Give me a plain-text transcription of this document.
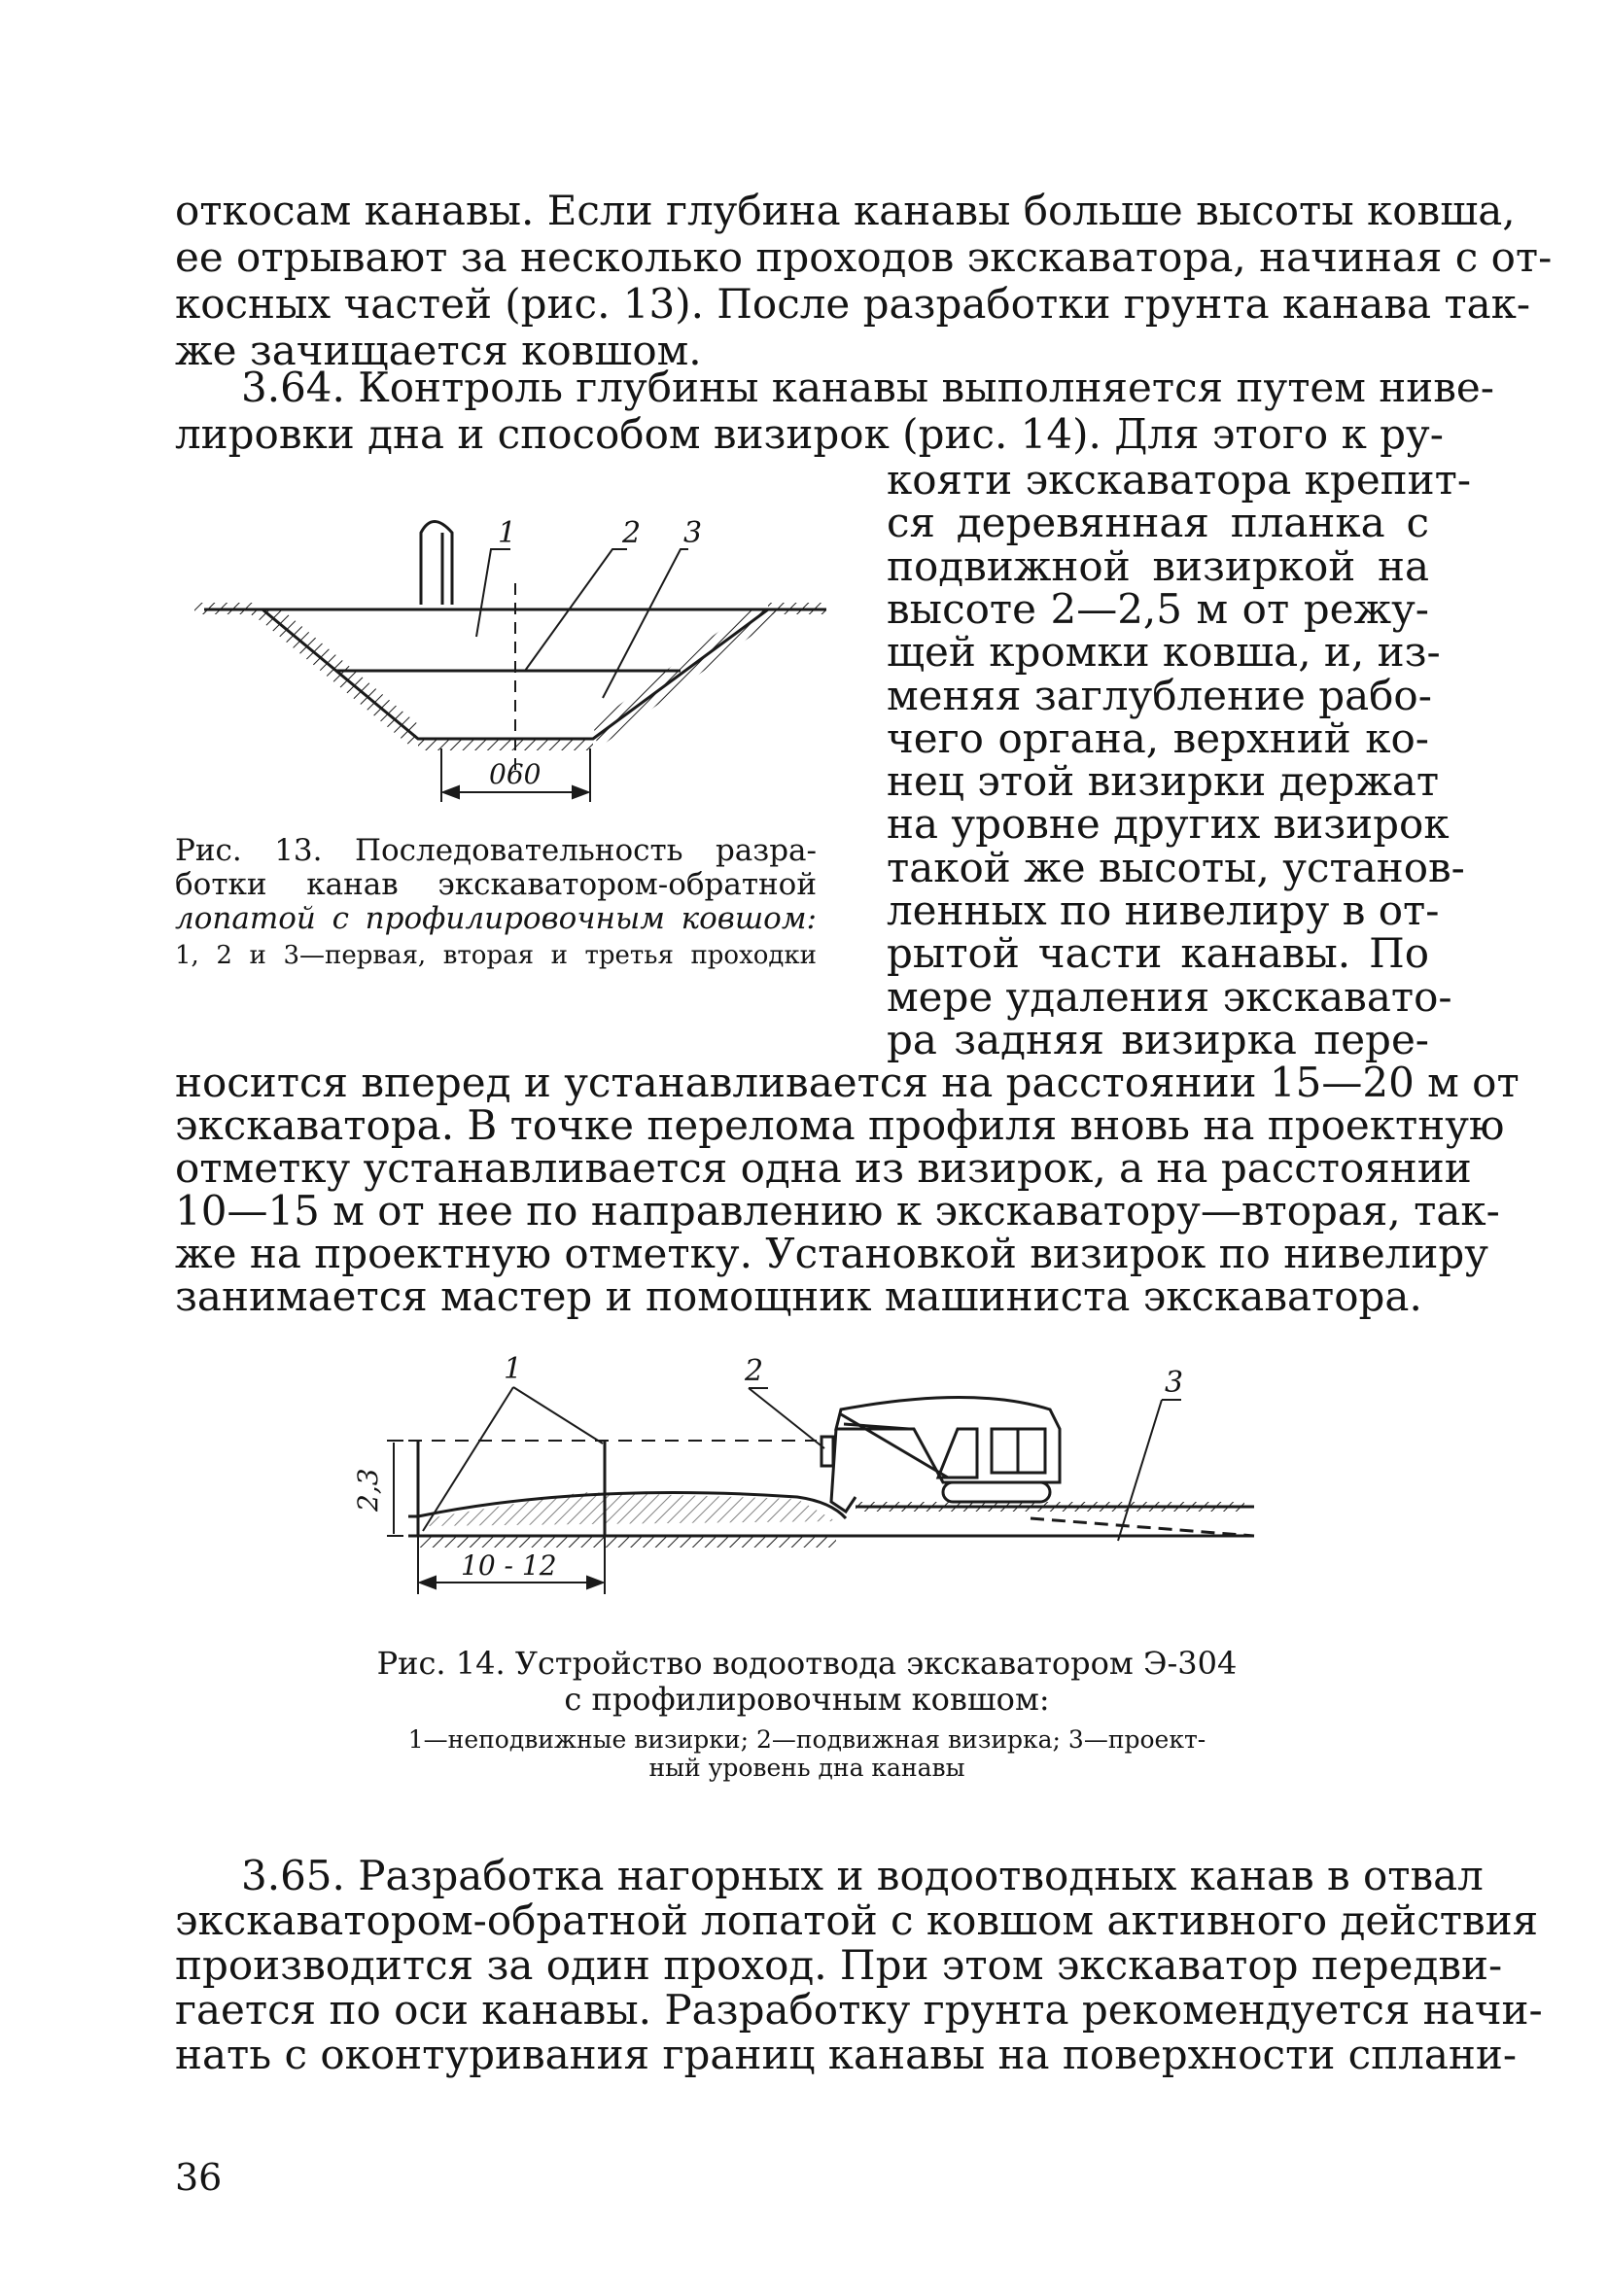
откосам канавы. Если глубина канавы больше высоты ковша,

ее отрывают за несколько проходов экскаватора, начиная с от-

косных частей (рис. 13). После разработки грунта канава так-

же зачищается ковшом.

3.64. Контроль глубины канавы выполняется путем ниве-

лировки дна и способом визирок (рис. 14). Для этого к ру-

кояти экскаватора крепит-

ся деревянная планка с

подвижной визиркой на

высоте 2—2,5 м от режу-

щей кромки ковша, и, из-

меняя заглубление рабо-

чего органа, верхний ко-

нец этой визирки держат

на уровне других визирок

такой же высоты, установ-

ленных по нивелиру в от-

рытой части канавы. По

мере удаления экскавато-

ра задняя визирка пере-

носится вперед и устанавливается на расстоянии 15—20 м от

экскаватора. В точке перелома профиля вновь на проектную

отметку устанавливается одна из визирок, а на расстоянии

10—15 м от нее по направлению к экскаватору—вторая, так-

же на проектную отметку. Установкой визирок по нивелиру

занимается мастер и помощник машиниста экскаватора.

1	2 3
060

Рис. 13. Последовательность разра-

ботки канав экскаватором-обратной

лопатой с профилировочным ковшом:

1, 2 и 3—первая, вторая и третья проходки

1
2,3
10 - 12
2	3

Рис. 14. Устройство водоотвода экскаватором Э-304

с профилировочным ковшом:

1—неподвижные визирки; 2—подвижная визирка; 3—проект-

ный уровень дна канавы

3.65. Разработка нагорных и водоотводных канав в отвал

экскаватором-обратной лопатой с ковшом активного действия

производится за один проход. При этом экскаватор передви-

гается по оси канавы. Разработку грунта рекомендуется начи-

нать с оконтуривания границ канавы на поверхности сплани-

36
